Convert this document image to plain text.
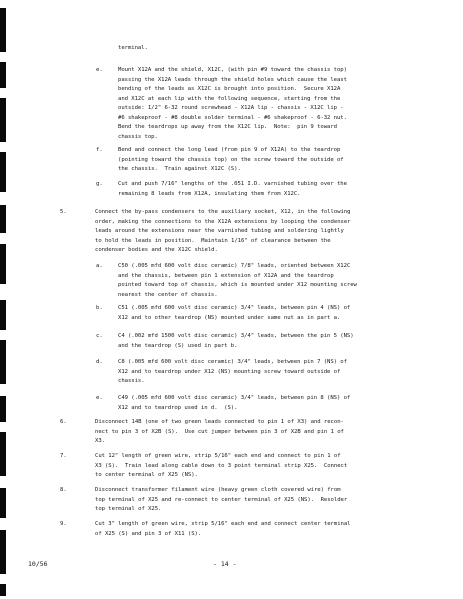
terminal.
e.	Mount X12A and the shield, X12C, (with pin #9 toward the chassis top)
passing the X12A leads through the shield holes which cause the least
bending of the leads as X12C is brought into position.  Secure X12A
and X12C at each lip with the following sequence, starting from the
outside: 1/2" 6-32 round screwhead - X12A lip - chassis - X12C lip -
#6 shakeproof - #8 double solder terminal - #6 shakeproof - 6-32 nut.
Bend the teardrops up away from the X12C lip.  Note:  pin 9 toward
chassis top.
f.	Bend and connect the long lead (from pin 9 of X12A) to the teardrop
(pointing toward the chassis top) on the screw toward the outside of
the chassis.  Train against X12C (S).
g.	Cut and push 7/16" lengths of the .051 I.D. varnished tubing over the
remaining 8 leads from X12A, insulating them from X12C.
5.	Connect the by-pass condensers to the auxiliary socket, X12, in the following
order, making the connections to the X12A extensions by looping the condenser
leads around the extensions near the varnished tubing and soldering lightly
to hold the leads in position.  Maintain 1/16" of clearance between the
condenser bodies and the X12C shield.
a.	C50 (.005 mfd 600 volt disc ceramic) 7/8" leads, oriented between X12C
and the chassis, between pin 1 extension of X12A and the teardrop
pointed toward top of chassis, which is mounted under X12 mounting screw
nearest the center of chassis.
b.	C51 (.005 mfd 600 volt disc ceramic) 3/4" leads, between pin 4 (NS) of
X12 and to other teardrop (NS) mounted under same nut as in part a.
c.	C4 (.002 mfd 1500 volt disc ceramic) 3/4" leads, between the pin 5 (NS)
and the teardrop (S) used in part b.
d.	C8 (.005 mfd 600 volt disc ceramic) 3/4" leads, between pin 7 (NS) of
X12 and to teardrop under X12 (NS) mounting screw toward outside of
chassis.
e.	C49 (.005 mfd 600 volt disc ceramic) 3/4" leads, between pin 8 (NS) of
X12 and to teardrop used in d.  (S).
6.	Disconnect 14B (one of two green leads connected to pin 1 of X3) and recon-
nect to pin 3 of X2B (S).  Use cut jumper between pin 3 of X2B and pin 1 of
X3.
7.	Cut 12" length of green wire, strip 5/16" each end and connect to pin 1 of
X3 (S).  Train lead along cable down to 3 point terminal strip X25.  Connect
to center terminal of X25 (NS).
8.	Disconnect transformer filament wire (heavy green cloth covered wire) from
top terminal of X25 and re-connect to center terminal of X25 (NS).  Resolder
top terminal of X25.
9.	Cut 3" length of green wire, strip 5/16" each end and connect center terminal
of X25 (S) and pin 3 of X11 (S).
10/56	- 14 -
